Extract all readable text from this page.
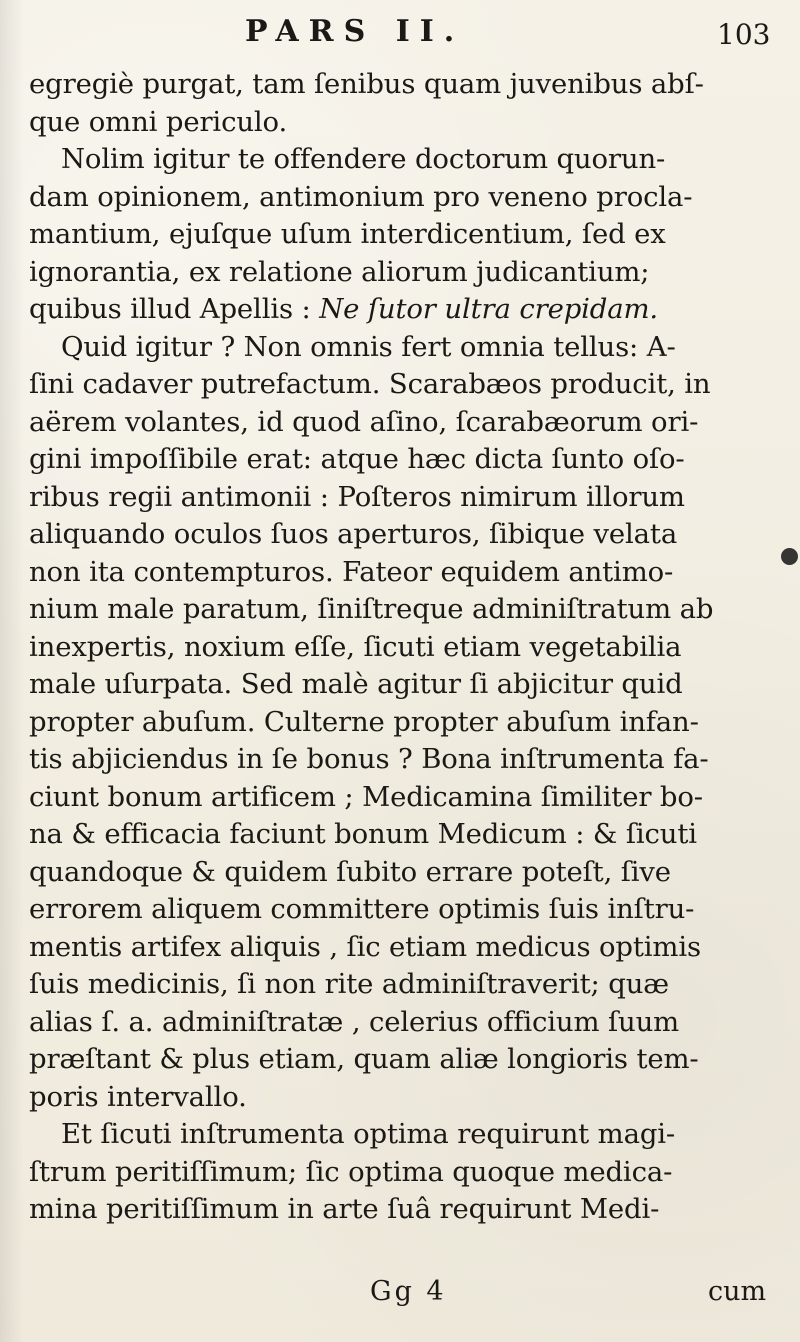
PARS II.	103
egregiè purgat, tam ſenibus quam juvenibus abſ-
que omni periculo.
Nolim igitur te offendere doctorum quorun-
dam opinionem, antimonium pro veneno procla-
mantium, ejuſque uſum interdicentium, ſed ex
ignorantia, ex relatione aliorum judicantium;
quibus illud Apellis : Ne ſutor ultra crepidam.
Quid igitur ? Non omnis fert omnia tellus: A-
ſini cadaver putrefactum. Scarabæos producit, in
aërem volantes, id quod aſino, ſcarabæorum ori-
gini impoſſibile erat: atque hæc dicta ſunto oſo-
ribus regii antimonii : Poſteros nimirum illorum
aliquando oculos ſuos aperturos, ſibique velata
non ita contempturos. Fateor equidem antimo-
nium male paratum, ſiniſtreque adminiſtratum ab
inexpertis, noxium eſſe, ſicuti etiam vegetabilia
male uſurpata. Sed malè agitur ſi abjicitur quid
propter abuſum. Culterne propter abuſum infan-
tis abjiciendus in ſe bonus ? Bona inſtrumenta fa-
ciunt bonum artificem ; Medicamina ſimiliter bo-
na & efficacia faciunt bonum Medicum : & ſicuti
quandoque & quidem ſubito errare poteſt, ſive
errorem aliquem committere optimis ſuis inſtru-
mentis artifex aliquis , ſic etiam medicus optimis
ſuis medicinis, ſi non rite adminiſtraverit; quæ
alias ſ. a. adminiſtratæ , celerius officium ſuum
præſtant & plus etiam, quam aliæ longioris tem-
poris intervallo.
Et ſicuti inſtrumenta optima requirunt magi-
ſtrum peritiſſimum; ſic optima quoque medica-
mina peritiſſimum in arte ſuâ requirunt Medi-
Gg 4	cum
